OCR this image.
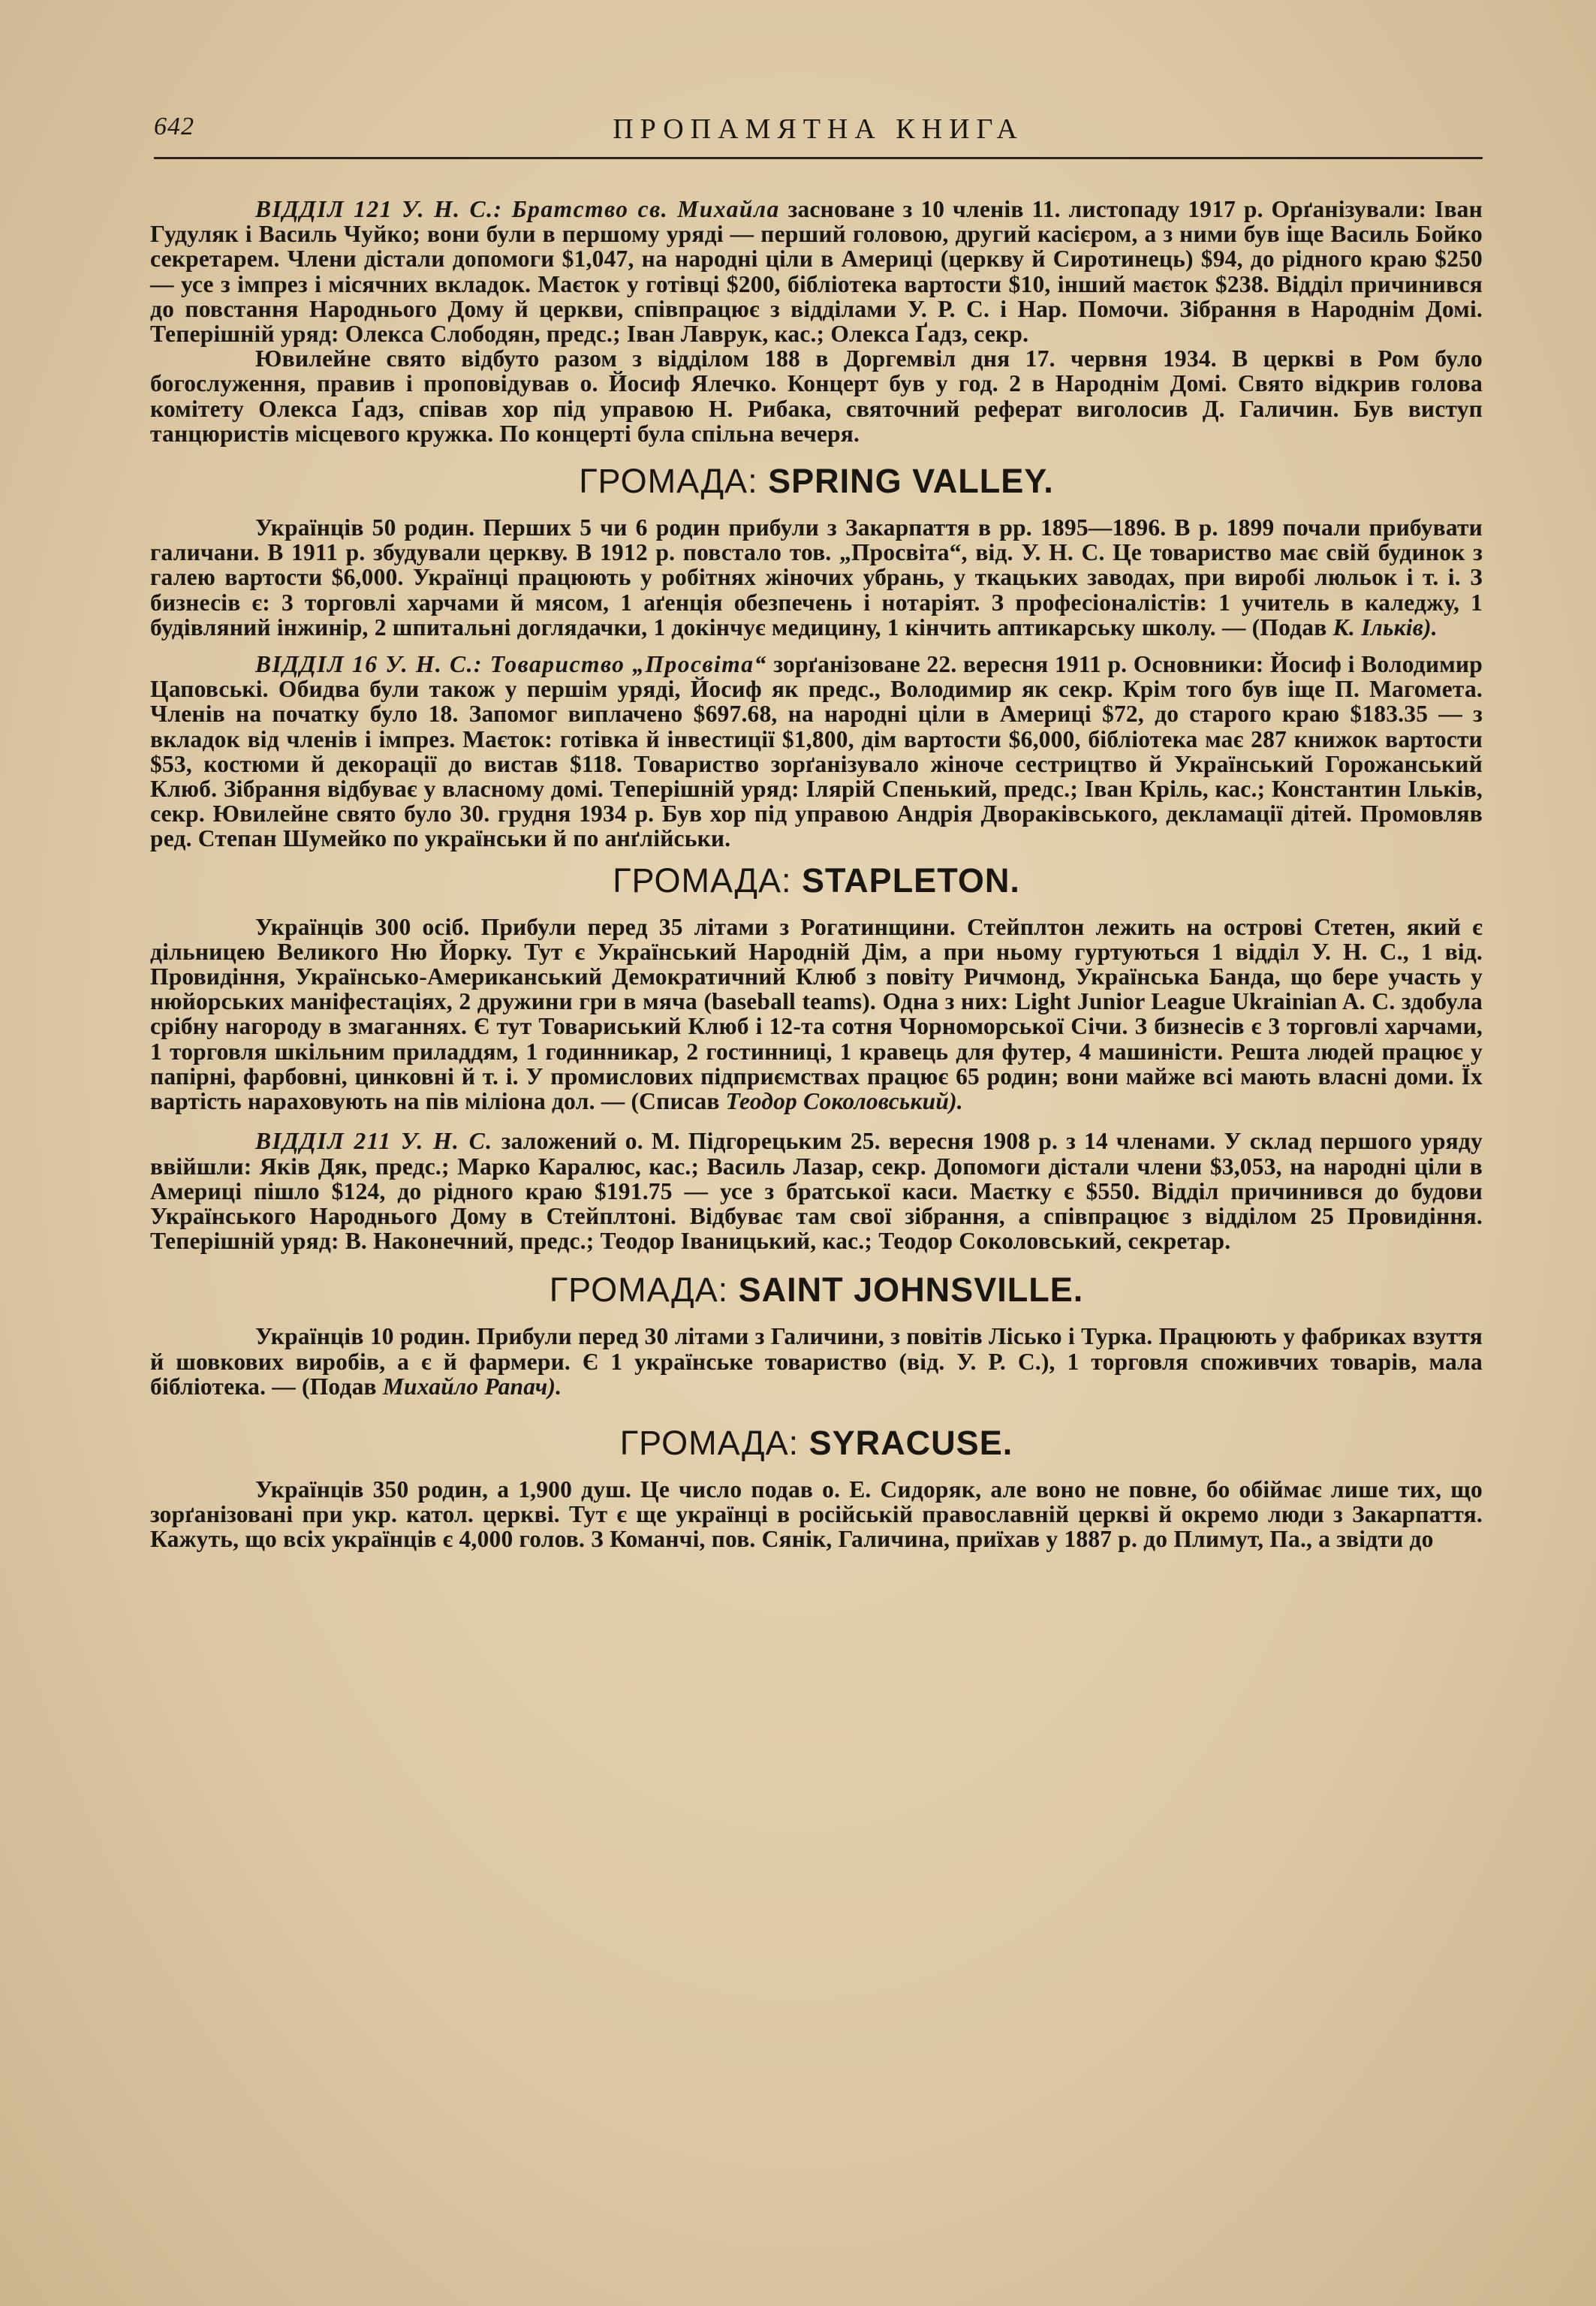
642	ПРОПАМЯТНА КНИГА

ВІДДІЛ 121 У. Н. С.: Братство св. Михайла засноване з 10 членів 11. листопаду 1917 р. Орґанізували: Іван Гудуляк і Василь Чуйко; вони були в першому уряді — перший головою, другий касієром, а з ними був іще Василь Бойко секретарем. Члени дістали допомоги $1,047, на народні ціли в Америці (церкву й Сиротинець) $94, до рідного краю $250 — усе з імпрез і місячних вкладок. Маєток у готівці $200, бібліотека вартости $10, інший маєток $238. Відділ причинився до повстання Народнього Дому й церкви, співпрацює з відділами У. Р. С. і Нар. Помочи. Зібрання в Народнім Домі. Теперішній уряд: Олекса Слободян, предс.; Іван Лаврук, кас.; Олекса Ґадз, секр.

Ювилейне свято відбуто разом з відділом 188 в Доргемвіл дня 17. червня 1934. В церкві в Ром було богослуження, правив і проповідував о. Йосиф Ялечко. Концерт був у год. 2 в Народнім Домі. Свято відкрив голова комітету Олекса Ґадз, співав хор під управою Н. Рибака, святочний реферат виголосив Д. Галичин. Був виступ танцюристів місцевого кружка. По концерті була спільна вечеря.

ГРОМАДА: SPRING VALLEY.

Українців 50 родин. Перших 5 чи 6 родин прибули з Закарпаття в рр. 1895—1896. В р. 1899 почали прибувати галичани. В 1911 р. збудували церкву. В 1912 р. повстало тов. „Просвіта“, від. У. Н. С. Це товариство має свій будинок з галею вартости $6,000. Українці працюють у робітнях жіночих убрань, у ткацьких заводах, при виробі люльок і т. і. З бизнесів є: 3 торговлі харчами й мясом, 1 аґенція обезпечень і нотаріят. З професіоналістів: 1 учитель в каледжу, 1 будівляний інжинір, 2 шпитальні доглядачки, 1 докінчує медицину, 1 кінчить аптикарську школу. — (Подав К. Ільків).

ВІДДІЛ 16 У. Н. С.: Товариство „Просвіта“ зорґанізоване 22. вересня 1911 р. Основники: Йосиф і Володимир Цаповські. Обидва були також у першім уряді, Йосиф як предс., Володимир як секр. Крім того був іще П. Магомета. Членів на початку було 18. Запомог виплачено $697.68, на народні ціли в Америці $72, до старого краю $183.35 — з вкладок від членів і імпрез. Маєток: готівка й інвестиції $1,800, дім вартости $6,000, бібліотека має 287 книжок вартости $53, костюми й декорації до вистав $118. Товариство зорґанізувало жіноче сестрицтво й Український Горожанський Клюб. Зібрання відбуває у власному домі. Теперішній уряд: Ілярій Спенький, предс.; Іван Кріль, кас.; Константин Ільків, секр. Ювилейне свято було 30. грудня 1934 р. Був хор під управою Андрія Двораківського, декламації дітей. Промовляв ред. Степан Шумейко по українськи й по анґлійськи.

ГРОМАДА: STAPLETON.

Українців 300 осіб. Прибули перед 35 літами з Рогатинщини. Стейплтон лежить на острові Стетен, який є дільницею Великого Ню Йорку. Тут є Український Народній Дім, а при ньому гуртуються 1 відділ У. Н. С., 1 від. Провидіння, Українсько-Американський Демократичний Клюб з повіту Ричмонд, Українська Банда, що бере участь у нюйорських маніфестаціях, 2 дружини гри в мяча (baseball teams). Одна з них: Light Junior League Ukrainian A. C. здобула срібну нагороду в змаганнях. Є тут Товариський Клюб і 12-та сотня Чорноморської Січи. З бизнесів є 3 торговлі харчами, 1 торговля шкільним приладдям, 1 годинникар, 2 гостинниці, 1 кравець для футер, 4 машиністи. Решта людей працює у папірні, фарбовні, цинковні й т. і. У промислових підприємствах працює 65 родин; вони майже всі мають власні доми. Їх вартість нараховують на пів міліона дол. — (Списав Теодор Соколовський).

ВІДДІЛ 211 У. Н. С. заложений о. М. Підгорецьким 25. вересня 1908 р. з 14 членами. У склад першого уряду ввійшли: Яків Дяк, предс.; Марко Каралюс, кас.; Василь Лазар, секр. Допомоги дістали члени $3,053, на народні ціли в Америці пішло $124, до рідного краю $191.75 — усе з братської каси. Маєтку є $550. Відділ причинився до будови Українського Народнього Дому в Стейплтоні. Відбуває там свої зібрання, а співпрацює з відділом 25 Провидіння. Теперішній уряд: В. Наконечний, предс.; Теодор Іваницький, кас.; Теодор Соколовський, секретар.

ГРОМАДА: SAINT JOHNSVILLE.

Українців 10 родин. Прибули перед 30 літами з Галичини, з повітів Лісько і Турка. Працюють у фабриках взуття й шовкових виробів, а є й фармери. Є 1 українське товариство (від. У. Р. С.), 1 торговля споживчих товарів, мала бібліотека. — (Подав Михайло Рапач).

ГРОМАДА: SYRACUSE.

Українців 350 родин, а 1,900 душ. Це число подав о. Е. Сидоряк, але воно не повне, бо обіймає лише тих, що зорґанізовані при укр. катол. церкві. Тут є ще українці в російській православній церкві й окремо люди з Закарпаття. Кажуть, що всіх українців є 4,000 голов. З Команчі, пов. Сянік, Галичина, приїхав у 1887 р. до Плимут, Па., а звідти до
